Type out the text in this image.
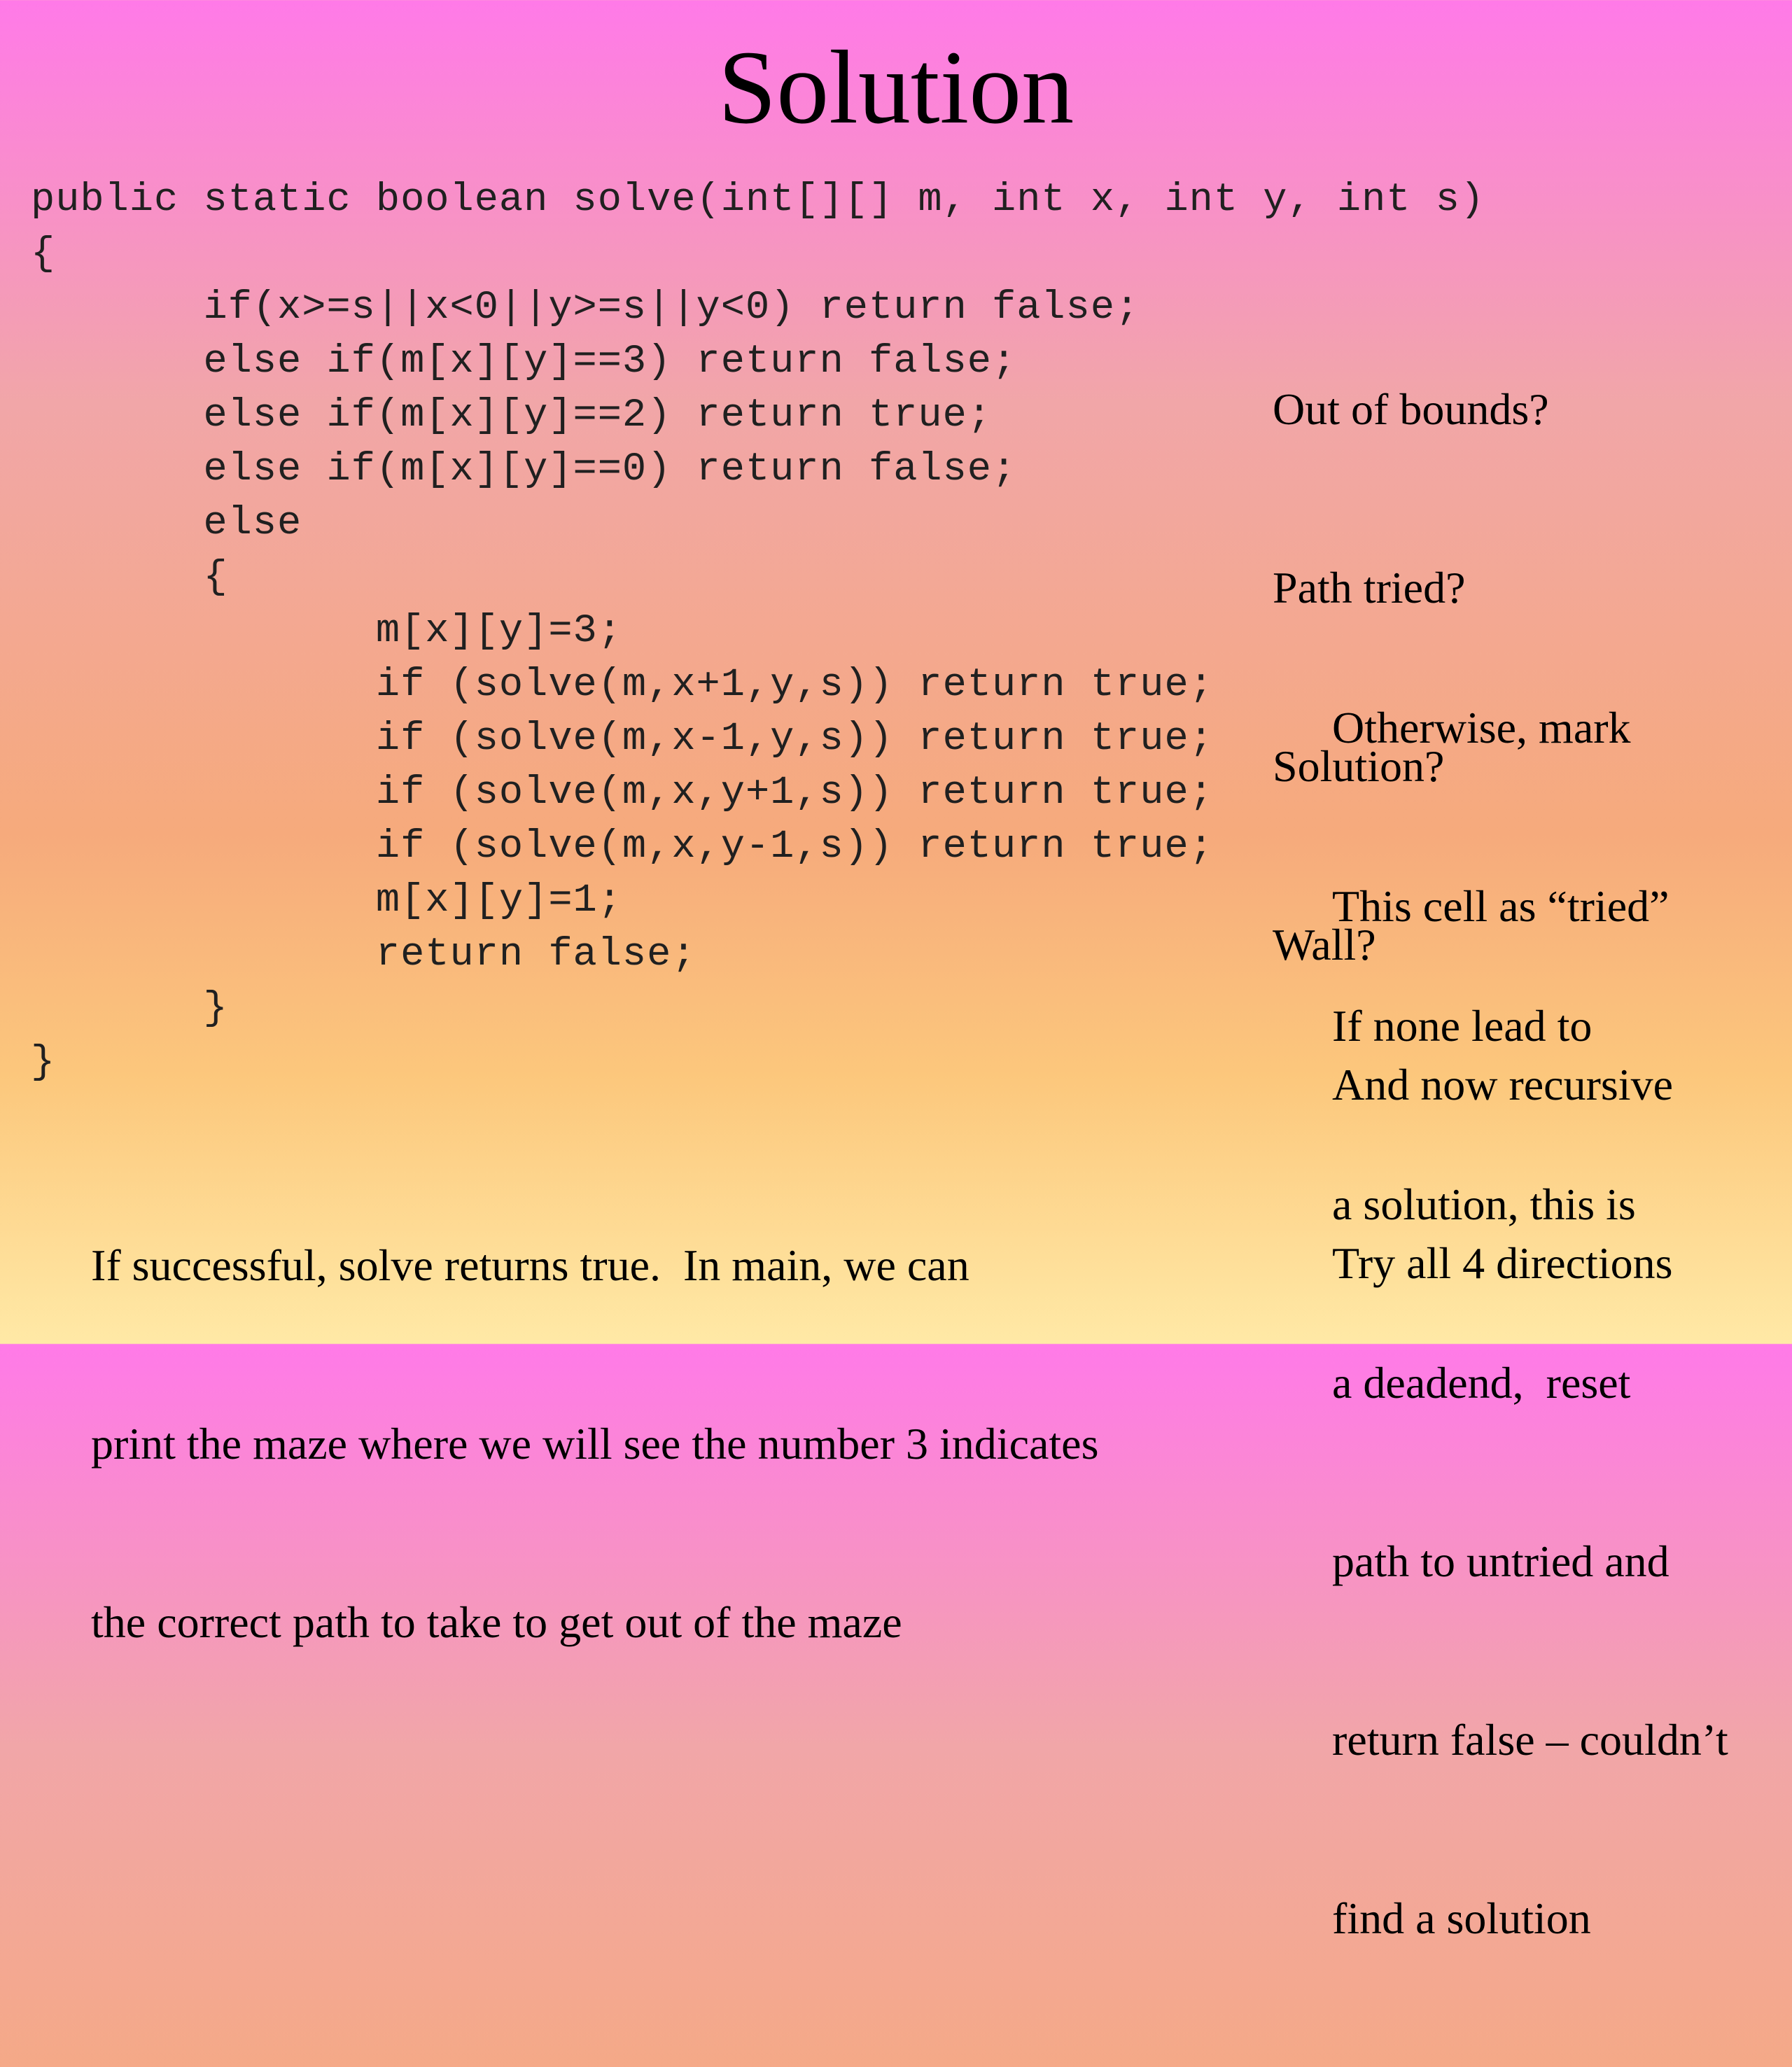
Solution
public static boolean solve(int[][] m, int x, int y, int s)
{
if(x>=s||x<0||y>=s||y<0) return false;
else if(m[x][y]==3) return false;
else if(m[x][y]==2) return true;
else if(m[x][y]==0) return false;
else
{
m[x][y]=3;
if (solve(m,x+1,y,s)) return true;
if (solve(m,x-1,y,s)) return true;
if (solve(m,x,y+1,s)) return true;
if (solve(m,x,y-1,s)) return true;
m[x][y]=1;
return false;
}
}

Out of bounds?

Path tried?

Solution?

Wall?

Otherwise, mark

This cell as “tried”

And now recursive

Try all 4 directions

If none lead to

a solution, this is

a deadend,  reset

path to untried and

return false – couldn’t

find a solution

If successful, solve returns true.  In main, we can

print the maze where we will see the number 3 indicates

the correct path to take to get out of the maze
